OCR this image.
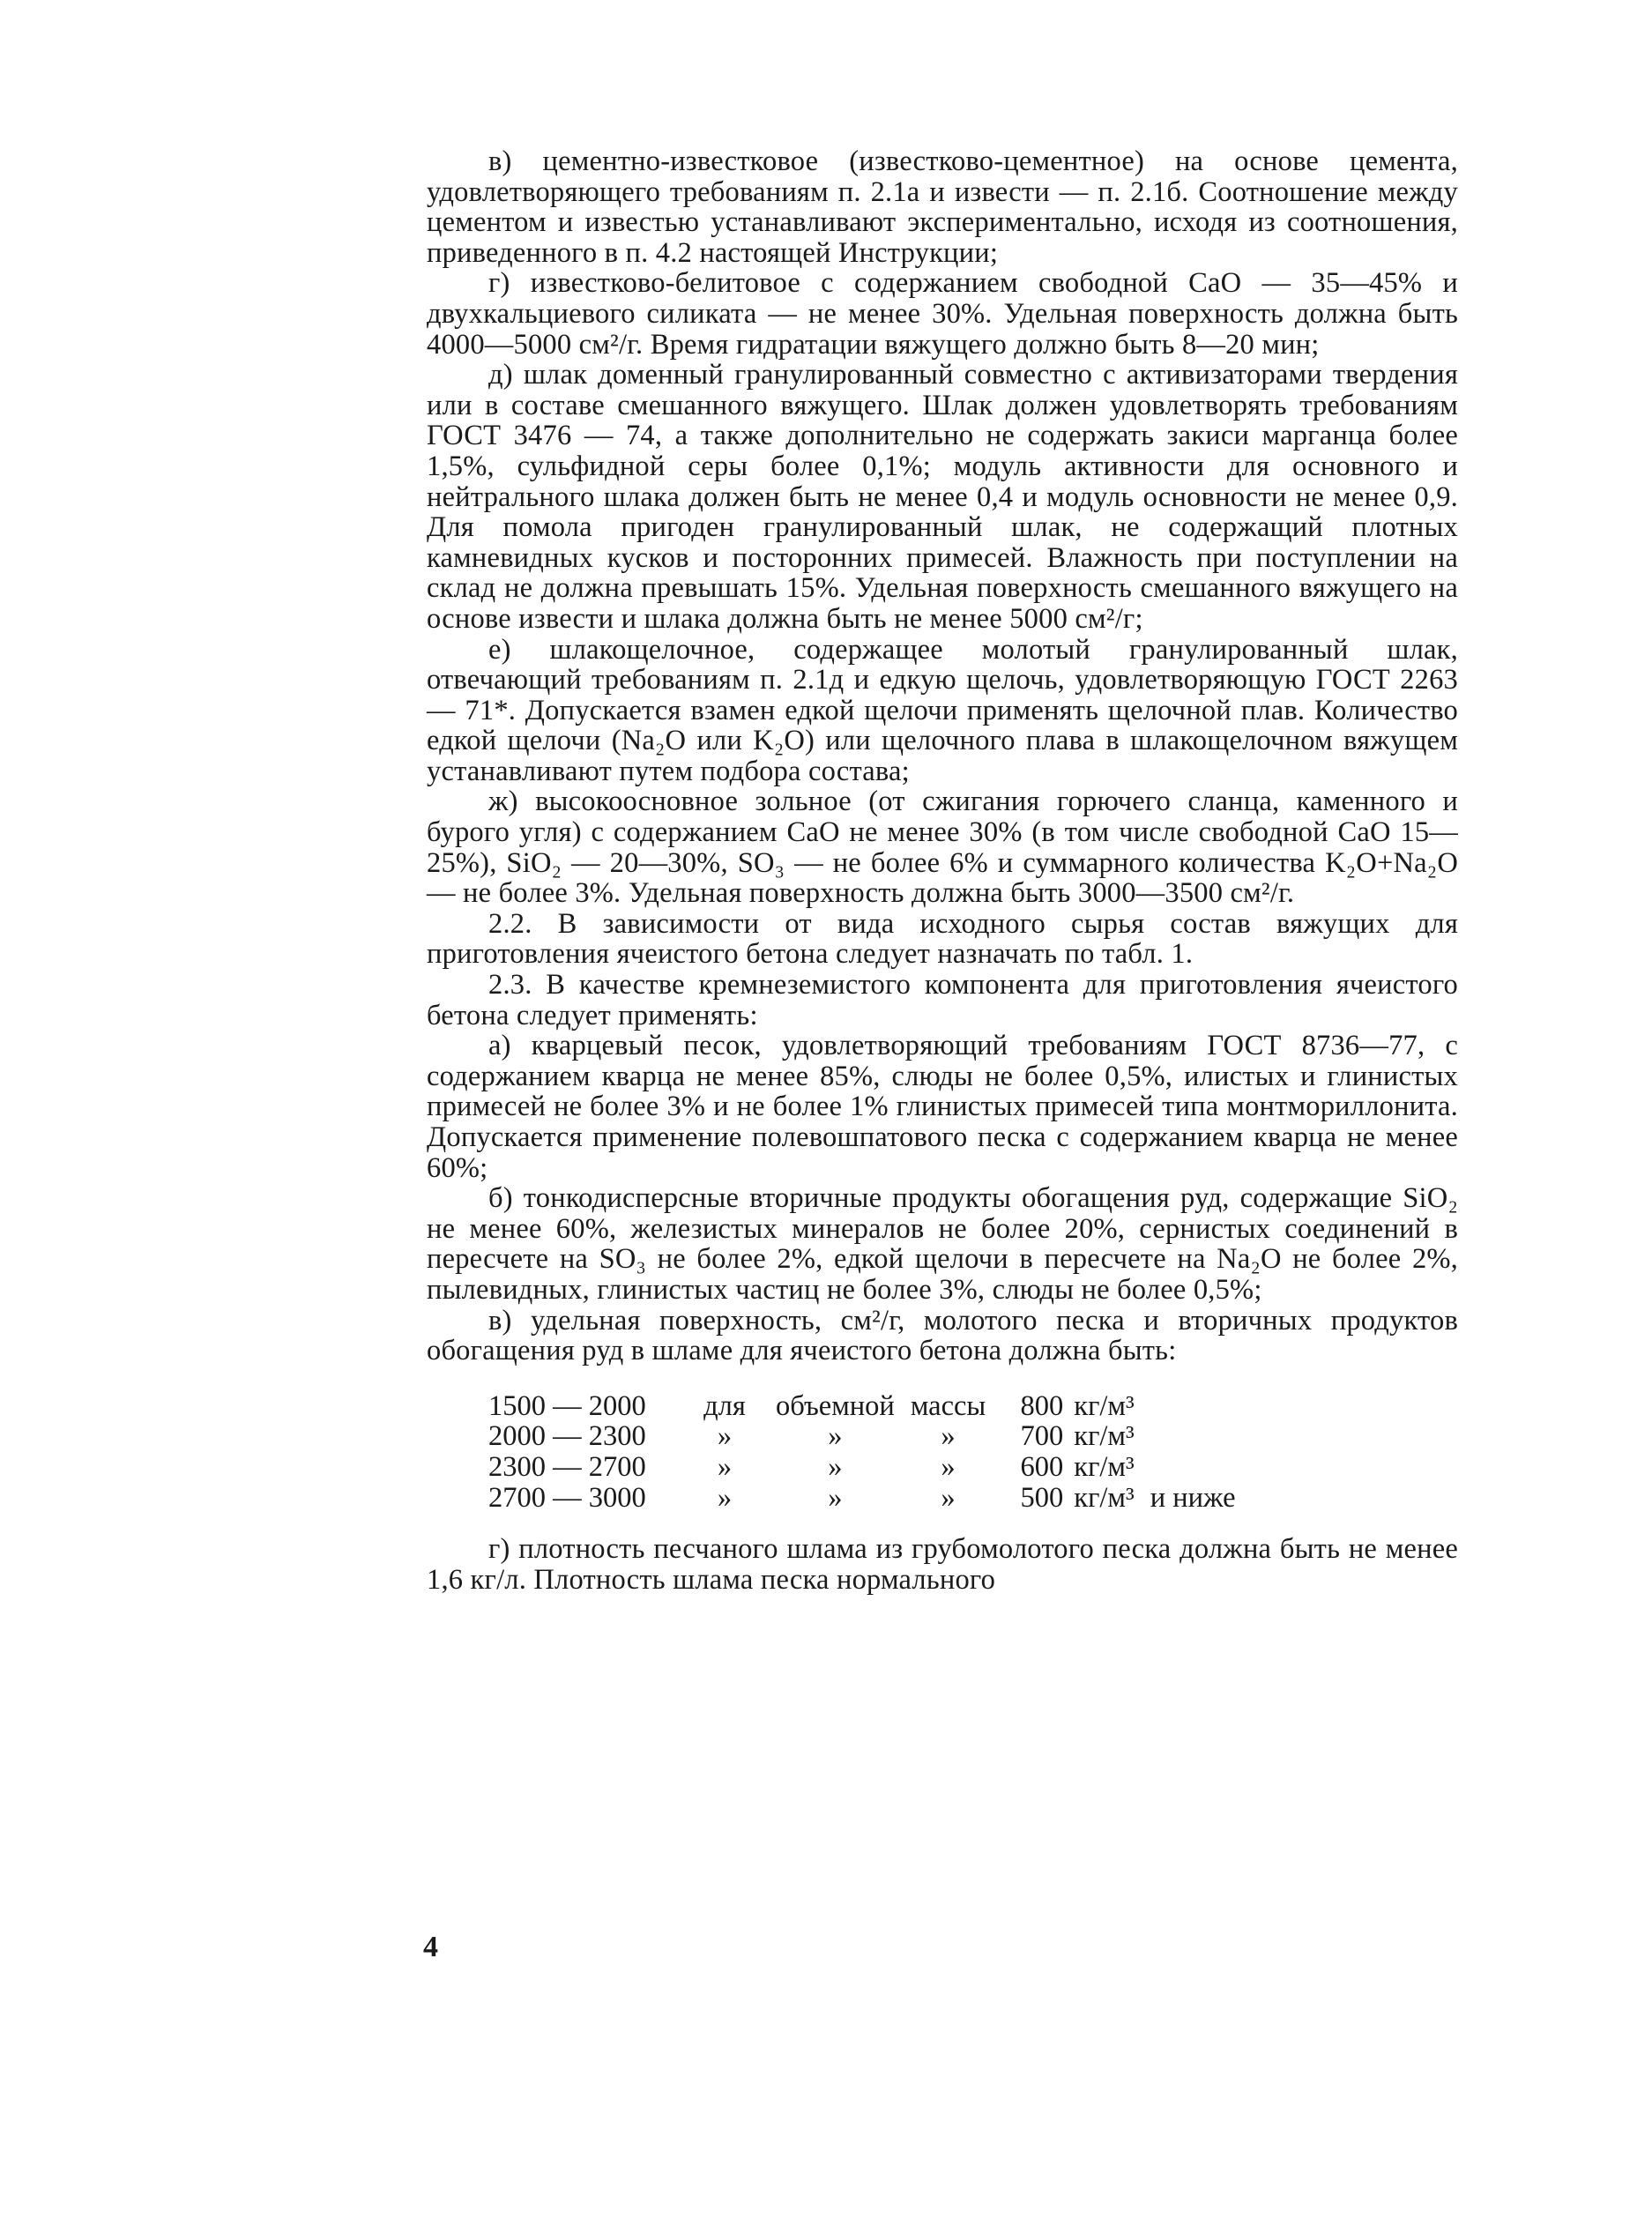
в) цементно-известковое (известково-цементное) на основе цемента, удовлетворяющего требованиям п. 2.1а и извести — п. 2.1б. Соотношение между цементом и известью устанавливают экспериментально, исходя из соотношения, приведенного в п. 4.2 настоящей Инструкции;

г) известково-белитовое с содержанием свободной CaO — 35—45% и двухкальциевого силиката — не менее 30%. Удельная поверхность должна быть 4000—5000 см²/г. Время гидратации вяжущего должно быть 8—20 мин;

д) шлак доменный гранулированный совместно с активизаторами твердения или в составе смешанного вяжущего. Шлак должен удовлетворять требованиям ГОСТ 3476 — 74, а также дополнительно не содержать закиси марганца более 1,5%, сульфидной серы более 0,1%; модуль активности для основного и нейтрального шлака должен быть не менее 0,4 и модуль основности не менее 0,9. Для помола пригоден гранулированный шлак, не содержащий плотных камневидных кусков и посторонних примесей. Влажность при поступлении на склад не должна превышать 15%. Удельная поверхность смешанного вяжущего на основе извести и шлака должна быть не менее 5000 см²/г;

е) шлакощелочное, содержащее молотый гранулированный шлак, отвечающий требованиям п. 2.1д и едкую щелочь, удовлетворяющую ГОСТ 2263 — 71*. Допускается взамен едкой щелочи применять щелочной плав. Количество едкой щелочи (Na₂O или K₂O) или щелочного плава в шлакощелочном вяжущем устанавливают путем подбора состава;

ж) высокоосновное зольное (от сжигания горючего сланца, каменного и бурого угля) с содержанием CaO не менее 30% (в том числе свободной CaO 15—25%), SiO₂ — 20—30%, SO₃ — не более 6% и суммарного количества K₂O+Na₂O — не более 3%. Удельная поверхность должна быть 3000—3500 см²/г.

2.2. В зависимости от вида исходного сырья состав вяжущих для приготовления ячеистого бетона следует назначать по табл. 1.

2.3. В качестве кремнеземистого компонента для приготовления ячеистого бетона следует применять:

а) кварцевый песок, удовлетворяющий требованиям ГОСТ 8736—77, с содержанием кварца не менее 85%, слюды не более 0,5%, илистых и глинистых примесей не более 3% и не более 1% глинистых примесей типа монтмориллонита. Допускается применение полевошпатового песка с содержанием кварца не менее 60%;

б) тонкодисперсные вторичные продукты обогащения руд, содержащие SiO₂ не менее 60%, железистых минералов не более 20%, сернистых соединений в пересчете на SO₃ не более 2%, едкой щелочи в пересчете на Na₂O не более 2%, пылевидных, глинистых частиц не более 3%, слюды не более 0,5%;

в) удельная поверхность, см²/г, молотого песка и вторичных продуктов обогащения руд в шламе для ячеистого бетона должна быть:

1500 — 2000	для	объемной	массы	800	кг/м³	
2000 — 2300	»	»	»	700	кг/м³	
2300 — 2700	»	»	»	600	кг/м³	
2700 — 3000	»	»	»	500	кг/м³	и ниже

г) плотность песчаного шлама из грубомолотого песка должна быть не менее 1,6 кг/л. Плотность шлама песка нормального

4
